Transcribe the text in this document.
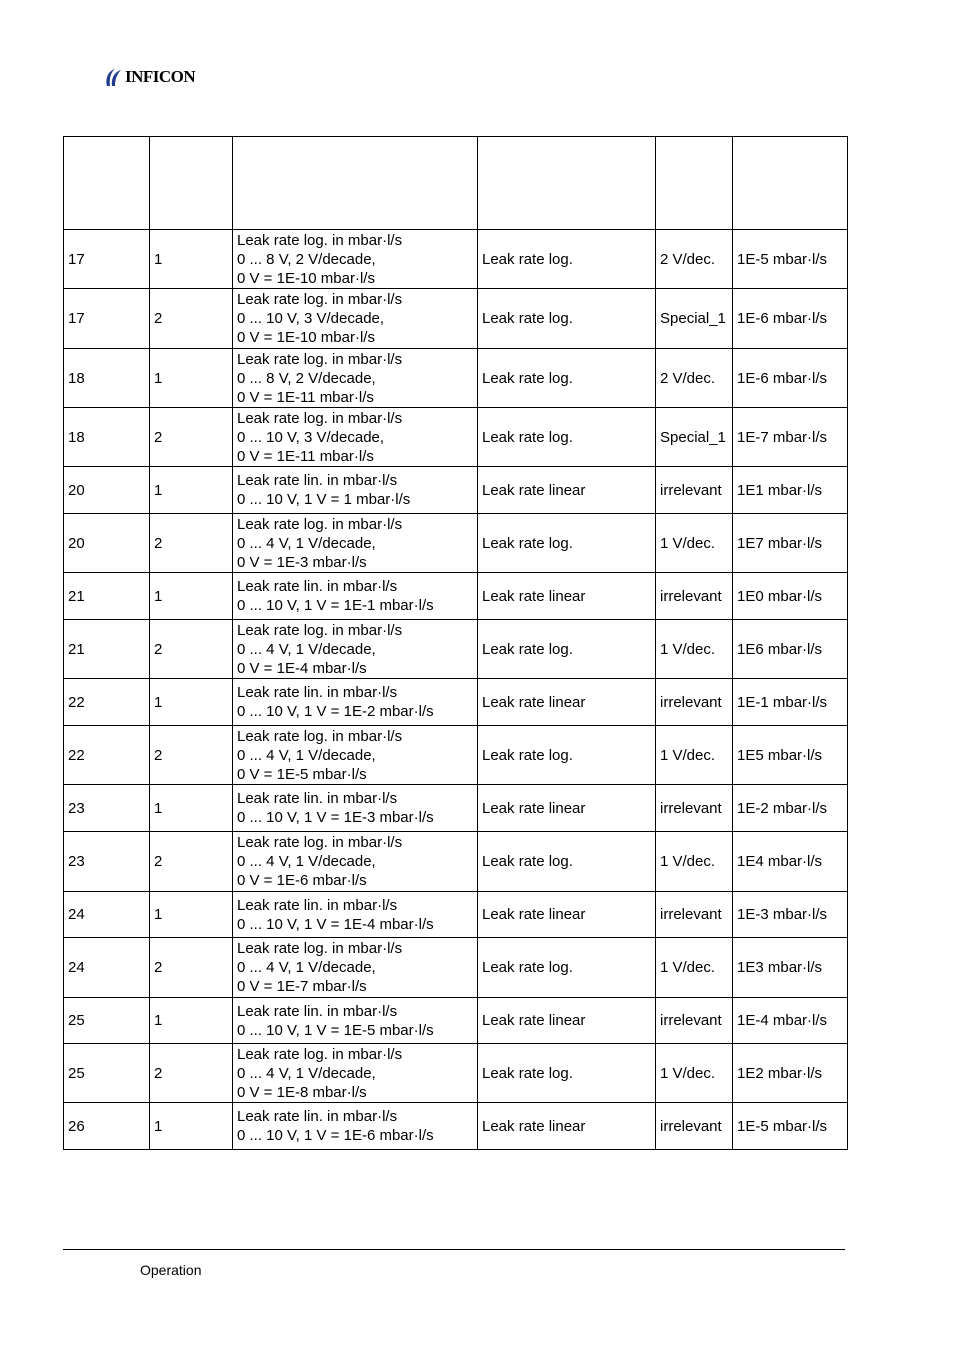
INFICON

17	1	Leak rate log. in mbar·l/s
0 ... 8 V, 2 V/decade,
0 V = 1E-10 mbar·l/s	Leak rate log.	2 V/dec.	1E-5 mbar·l/s
17	2	Leak rate log. in mbar·l/s
0 ... 10 V, 3 V/decade,
0 V = 1E-10 mbar·l/s	Leak rate log.	Special_1	1E-6 mbar·l/s
18	1	Leak rate log. in mbar·l/s
0 ... 8 V, 2 V/decade,
0 V = 1E-11 mbar·l/s	Leak rate log.	2 V/dec.	1E-6 mbar·l/s
18	2	Leak rate log. in mbar·l/s
0 ... 10 V, 3 V/decade,
0 V = 1E-11 mbar·l/s	Leak rate log.	Special_1	1E-7 mbar·l/s
20	1	Leak rate lin. in mbar·l/s
0 ... 10 V, 1 V = 1 mbar·l/s	Leak rate linear	irrelevant	1E1 mbar·l/s
20	2	Leak rate log. in mbar·l/s
0 ... 4 V, 1 V/decade,
0 V = 1E-3 mbar·l/s	Leak rate log.	1 V/dec.	1E7 mbar·l/s
21	1	Leak rate lin. in mbar·l/s
0 ... 10 V, 1 V = 1E-1 mbar·l/s	Leak rate linear	irrelevant	1E0 mbar·l/s
21	2	Leak rate log. in mbar·l/s
0 ... 4 V, 1 V/decade,
0 V = 1E-4 mbar·l/s	Leak rate log.	1 V/dec.	1E6 mbar·l/s
22	1	Leak rate lin. in mbar·l/s
0 ... 10 V, 1 V = 1E-2 mbar·l/s	Leak rate linear	irrelevant	1E-1 mbar·l/s
22	2	Leak rate log. in mbar·l/s
0 ... 4 V, 1 V/decade,
0 V = 1E-5 mbar·l/s	Leak rate log.	1 V/dec.	1E5 mbar·l/s
23	1	Leak rate lin. in mbar·l/s
0 ... 10 V, 1 V = 1E-3 mbar·l/s	Leak rate linear	irrelevant	1E-2 mbar·l/s
23	2	Leak rate log. in mbar·l/s
0 ... 4 V, 1 V/decade,
0 V = 1E-6 mbar·l/s	Leak rate log.	1 V/dec.	1E4 mbar·l/s
24	1	Leak rate lin. in mbar·l/s
0 ... 10 V, 1 V = 1E-4 mbar·l/s	Leak rate linear	irrelevant	1E-3 mbar·l/s
24	2	Leak rate log. in mbar·l/s
0 ... 4 V, 1 V/decade,
0 V = 1E-7 mbar·l/s	Leak rate log.	1 V/dec.	1E3 mbar·l/s
25	1	Leak rate lin. in mbar·l/s
0 ... 10 V, 1 V = 1E-5 mbar·l/s	Leak rate linear	irrelevant	1E-4 mbar·l/s
25	2	Leak rate log. in mbar·l/s
0 ... 4 V, 1 V/decade,
0 V = 1E-8 mbar·l/s	Leak rate log.	1 V/dec.	1E2 mbar·l/s
26	1	Leak rate lin. in mbar·l/s
0 ... 10 V, 1 V = 1E-6 mbar·l/s	Leak rate linear	irrelevant	1E-5 mbar·l/s
Operation
